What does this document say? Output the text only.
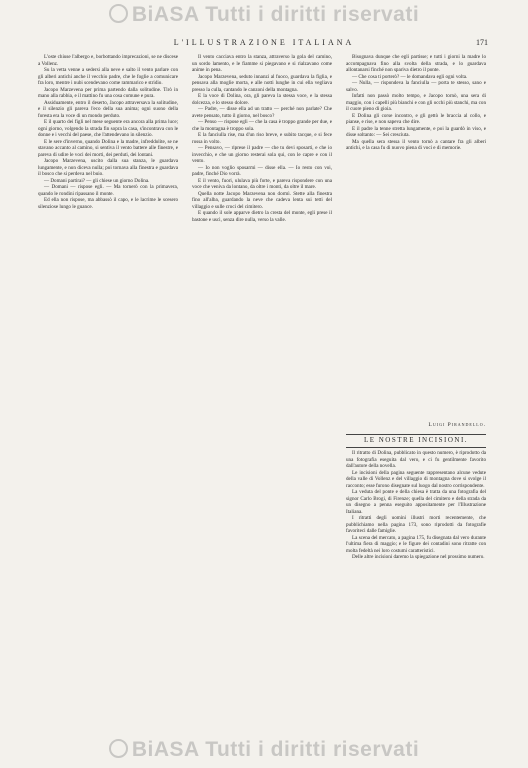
BiASA Tutti i diritti riservati
L'ILLUSTRAZIONE ITALIANA	171

L'oste chiuse l'albergo e, borbottando imprecazioni, se ne discese a Vollenz.

Su la vetta venne a sedersi alla neve e salto il vento parlare con gli alberi antichi anche il vecchio padre, che le foglie a comunicare fra loro, mentre i nubi scendevano come rammarico e stridio.

Jacopo Marzevena per prima partendo dalla solitudine. Tirò in mano alla rabbia, e il mattino fu una cosa comune e pura.

Assiduamente, entro il deserto, Jacopo attraversava la solitudine, e il silenzio gli pareva l'eco della sua anima; ogni suono della foresta era la voce di un mondo perduto.

E il quarto dei figli nel mese seguente era ancora alla prima luce; ogni giorno, volgendo la strada fin sopra la casa, s'incontrava con le donne e i vecchi del paese, che l'attendevano in silenzio.

E le sere d'inverno, quando Dolina e la madre, infreddolite, se ne stavano accanto al camino, si sentiva il vento battere alle finestre, e pareva di udire le voci dei morti, dei perduti, dei lontani.

Jacopo Marzevena, uscito dalla sua stanza, le guardava lungamente, e non diceva nulla; poi tornava alla finestra e guardava il bosco che si perdeva nel buio.

— Domani partirai? — gli chiese un giorno Dolina.

— Domani — rispose egli. — Ma tornerò con la primavera, quando le rondini ripassano il monte.

Ed ella non rispose, ma abbassò il capo, e le lacrime le scesero silenziose lungo le guance.

Il vento cacciava entro la stanza, attraverso la gola del camino, un sordo lamento, e le fiamme si piegavano e si rialzavano come anime in pena.

Jacopo Marzevena, seduto innanzi al fuoco, guardava la figlia, e pensava alla moglie morta, e alle notti lunghe in cui ella vegliava presso la culla, cantando le canzoni della montagna.

E la voce di Dolina, ora, gli pareva la stessa voce, e la stessa dolcezza, e lo stesso dolore.

— Padre, — disse ella ad un tratto — perché non parlate? Che avete pensato, tutto il giorno, nel bosco?

— Penso — rispose egli — che la casa è troppo grande per due, e che la montagna è troppo sola.

E la fanciulla rise, ma d'un riso breve, e subito tacque, e si fece rossa in volto.

— Pensavo, — riprese il padre — che tu devi sposarti, e che io invecchio, e che un giorno resterai sola qui, con le capre e con il vento.

— Io non voglio sposarmi — disse ella. — Io resto con voi, padre, finché Dio vorrà.

E il vento, fuori, ululava più forte, e pareva rispondere con una voce che veniva da lontano, da oltre i monti, da oltre il mare.

Quella notte Jacopo Marzevena non dormì. Stette alla finestra fino all'alba, guardando la neve che cadeva lenta sui tetti del villaggio e sulle croci del cimitero.

E quando il sole apparve dietro la cresta del monte, egli prese il bastone e uscì, senza dire nulla, verso la valle.

Bisognava dunque che egli partisse; e tutti i giorni la madre lo accompagnava fino alla svolta della strada, e lo guardava allontanarsi finché non spariva dietro il ponte.

— Che cosa ti porterò? — le domandava egli ogni volta.

— Nulla, — rispondeva la fanciulla — porta te stesso, sano e salvo.

Infatti non passò molto tempo, e Jacopo tornò, una sera di maggio, con i capelli più bianchi e con gli occhi più stanchi, ma con il cuore pieno di gioia.

E Dolina gli corse incontro, e gli gettò le braccia al collo, e pianse, e rise, e non sapeva che dire.

E il padre la tenne stretta lungamente, e poi la guardò in viso, e disse soltanto: — Sei cresciuta.

Ma quella sera stessa il vento tornò a cantare fra gli alberi antichi, e la casa fu di nuovo piena di voci e di memorie.

Luigi Pirandello.
LE NOSTRE INCISIONI.

Il ritratto di Dolina, pubblicato in questo numero, è riprodotto da una fotografia eseguita dal vero, e ci fu gentilmente favorito dall'autore della novella.

Le incisioni della pagina seguente rappresentano alcune vedute della valle di Vollenz e del villaggio di montagna dove si svolge il racconto; esse furono disegnate sul luogo dal nostro corrispondente.

La veduta del ponte e della chiesa è tratta da una fotografia del signor Carlo Brogi, di Firenze; quella del cimitero e della strada da un disegno a penna eseguito appositamente per l'Illustrazione Italiana.

I ritratti degli uomini illustri morti recentemente, che pubblichiamo nella pagina 173, sono riprodotti da fotografie favoriteci dalle famiglie.

La scena del mercato, a pagina 175, fu disegnata dal vero durante l'ultima fiera di maggio; e le figure dei contadini sono ritratte con molta fedeltà nei loro costumi caratteristici.

Delle altre incisioni daremo la spiegazione nel prossimo numero.

BiASA Tutti i diritti riservati
